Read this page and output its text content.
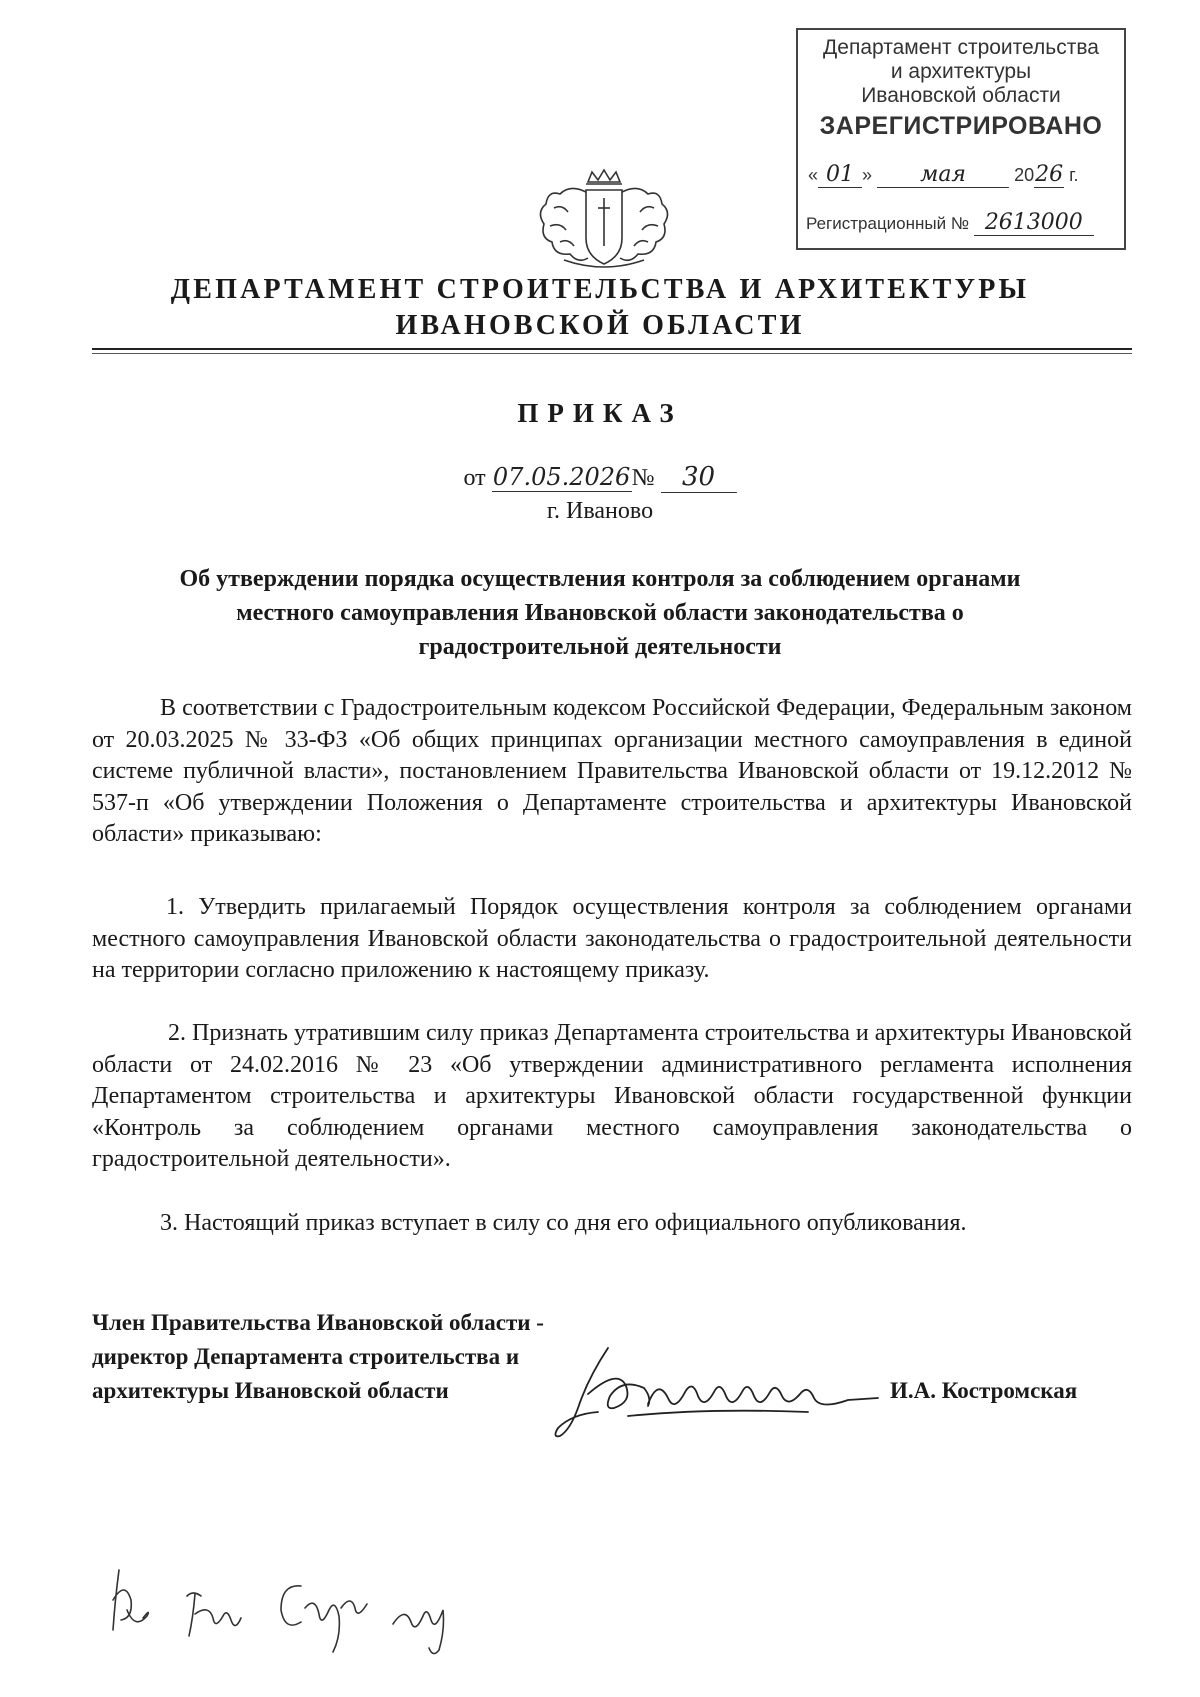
Департамент строительства
и архитектуры
Ивановской области
ЗАРЕГИСТРИРОВАНО
« 01 » мая	2026 г.
Регистрационный № 2613000
ДЕПАРТАМЕНТ СТРОИТЕЛЬСТВА И АРХИТЕКТУРЫ
ИВАНОВСКОЙ ОБЛАСТИ
ПРИКАЗ
от 07.05.2026№ 30
г. Иваново
Об утверждении порядка осуществления контроля за соблюдением органами
местного самоуправления Ивановской области законодательства о
градостроительной деятельности
В соответствии с Градостроительным кодексом Российской Федерации, Федеральным законом от 20.03.2025 № 33-ФЗ «Об общих принципах организации местного самоуправления в единой системе публичной власти», постановлением Правительства Ивановской области от 19.12.2012 № 537-п «Об утверждении Положения о Департаменте строительства и архитектуры Ивановской области» приказываю:
1. Утвердить прилагаемый Порядок осуществления контроля за соблюдением органами местного самоуправления Ивановской области законодательства о градостроительной деятельности на территории согласно приложению к настоящему приказу.
2. Признать утратившим силу приказ Департамента строительства и архитектуры Ивановской области от 24.02.2016 № 23 «Об утверждении административного регламента исполнения Департаментом строительства и архитектуры Ивановской области государственной функции «Контроль за соблюдением органами местного самоуправления законодательства о градостроительной деятельности».
3. Настоящий приказ вступает в силу со дня его официального опубликования.
Член Правительства Ивановской области -
директор Департамента строительства и
архитектуры Ивановской области	И.А. Костромская
